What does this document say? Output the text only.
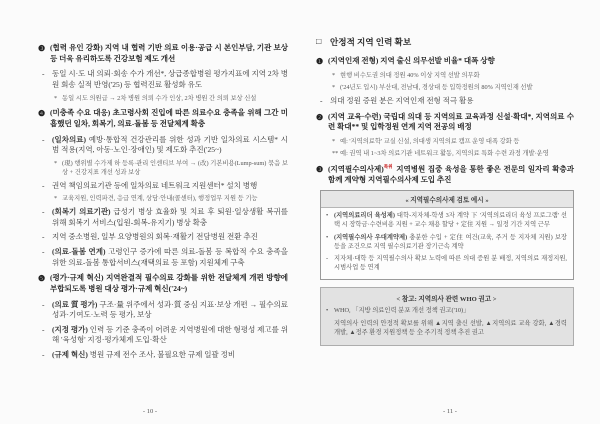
❸ (협력 유인 강화) 지역 내 협력 기반 의료 이용·공급 시 본인부담, 기관 보상 등 더욱 유리하도록 건강보험 제도 개선

-	동일 시·도 내 의뢰·회송 수가 개선*, 상급종합병원 평가지표에 지역 2차 병원 회송 실적 반영('25) 등 협력진료 활성화 유도

* 동일 시도 의원급 → 2차 병원 의뢰 수가 인상, 2차 병원 간 의뢰 보상 신설

❹ (미충족 수요 대응) 초고령사회 진입에 따른 의료수요 충족을 위해 그간 미흡했던 일차, 회복기, 의료-돌봄 등 전달체계 확충

-	(일차의료) 예방·통합적 건강관리를 위한 성과 기반 일차의료 시스템* 시범 적용(지역, 아동·노인·장애인) 및 제도화 추진('25~)

* (現) 행위별 수가제 하 등록·관리 인센티브 부여 → (改) 기본비용(Lump-sum) 묶음 보상 + 건강지표 개선 성과 보상

-	권역 책임의료기관 등에 일차의료 네트워크 지원센터* 설치 병행

* 교육지원, 인력파견, 응급 연계, 상담·안내(콜센터), 행정업무 지원 등 기능

-	(회복기 의료기관) 급성기 병상 효율화 및 치료 후 퇴원·일상생활 복귀를 위해 회복기 서비스(입원-회복-유지기) 병상 확충

-	지역 중소병원, 일부 요양병원의 회복·재활기 전담병원 전환 추진

-	(의료-돌봄 연계) 고령인구 증가에 따른 의료-돌봄 등 복합적 수요 충족을 위한 의료-돌봄 통합서비스(재택의료 등 포함) 지원체계 구축

❺ (평가·규제 혁신) 지역완결적 필수의료 강화를 위한 전달체계 개편 방향에 부합되도록 병원 대상 평가·규제 혁신('24~)

-	(의료 質 평가) 구조·量 위주에서 성과·質 중심 지표·보상 개편 → 필수의료 성과·기여도·노력 등 평가, 보상

-	(지정 평가) 인력 등 기준 충족이 어려운 지역병원에 대한 형평성 제고를 위해 '육성형' 지정·평가체계 도입·확산

-	(규제 혁신) 병원 규제 전수 조사, 불필요한 규제 일괄 정비

- 10 -
□	안정적 지역 인력 확보
❶ (지역인재 전형) 지역 출신 의무선발 비율* 대폭 상향

* 현행 비수도권 의대 정원 40% 이상 지역 선발 의무화

* ('24년도 입시) 부산대, 전남대, 경상대 등 입학정원의 80% 지역인재 선발

-	의대 정원 증원 분은 지역인재 전형 적극 활용

❷ (지역 교육·수련) 국립대 의대 등 지역의료 교육과정 신설·확대*, 지역의료 수련 확대** 및 입학정원 연계 지역 전공의 배정

* 예: '지역의료학' 교실 신설, 의대생 지역의료 캠프 운영 대폭 강화 등

** 예: 권역 내 1~3차 의료기관 네트워크 활동, 지역의료 특화 수련 과정 개발·운영

❸ (지역필수의사제)$^{특위}$ 지역병원 집중 육성을 통한 좋은 전문의 일자리 확충과 함께 계약형 지역필수의사제 도입 추진

« 지역필수의사제 검토 예시 »
• (지역의료리더 육성제) 대학-지자체-학생 3자 계약 下 '지역의료리더 육성 프로그램' 선택 시 장학금·수련비용 지원 + 교수 채용 할당 + 定住 지원 → 일정 기간 지역 근무

• (지역필수의사 우대계약제) 충분한 수입 + 定住 여건(교육, 주거 등 지자체 지원) 보장 등을 조건으로 지역 필수의료기관 장기근속 계약

- 지자체·대학 등 지역필수의사 확보 노력에 따른 의대 증원 분 배정, 지역의료 재정지원, 시범사업 등 연계

< 참고: 지역의사 관련 WHO 권고 >
• WHO, 「지방 의료인력 분포 개선 정책 권고('10)」

지역의사 인력의 안정적 확보를 위해 ▲지역 출신 선발, ▲지역의료 교육 강화, ▲경력개발, ▲정주 환경 지원정책 등 全 주기적 정책 추진 권고

- 11 -
